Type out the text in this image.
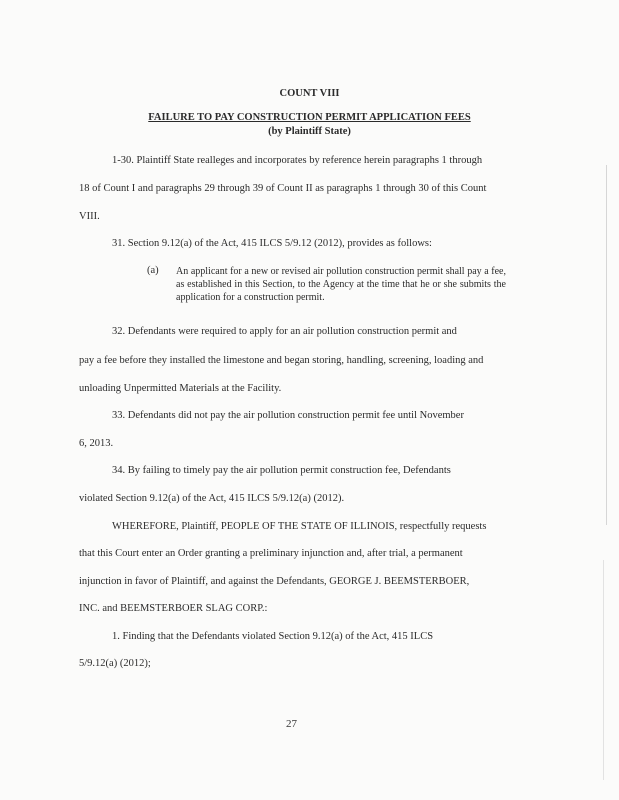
COUNT VIII
FAILURE TO PAY CONSTRUCTION PERMIT APPLICATION FEES
(by Plaintiff State)
1-30. Plaintiff State realleges and incorporates by reference herein paragraphs 1 through
18 of Count I and paragraphs 29 through 39 of Count II as paragraphs 1 through 30 of this Count
VIII.
31. Section 9.12(a) of the Act, 415 ILCS 5/9.12 (2012), provides as follows:
(a) An applicant for a new or revised air pollution construction permit shall pay a fee, as established in this Section, to the Agency at the time that he or she submits the application for a construction permit.
32. Defendants were required to apply for an air pollution construction permit and
pay a fee before they installed the limestone and began storing, handling, screening, loading and
unloading Unpermitted Materials at the Facility.
33. Defendants did not pay the air pollution construction permit fee until November
6, 2013.
34. By failing to timely pay the air pollution permit construction fee, Defendants
violated Section 9.12(a) of the Act, 415 ILCS 5/9.12(a) (2012).
WHEREFORE, Plaintiff, PEOPLE OF THE STATE OF ILLINOIS, respectfully requests
that this Court enter an Order granting a preliminary injunction and, after trial, a permanent
injunction in favor of Plaintiff, and against the Defendants, GEORGE J. BEEMSTERBOER,
INC. and BEEMSTERBOER SLAG CORP.:
1. Finding that the Defendants violated Section 9.12(a) of the Act, 415 ILCS
5/9.12(a) (2012);
27
